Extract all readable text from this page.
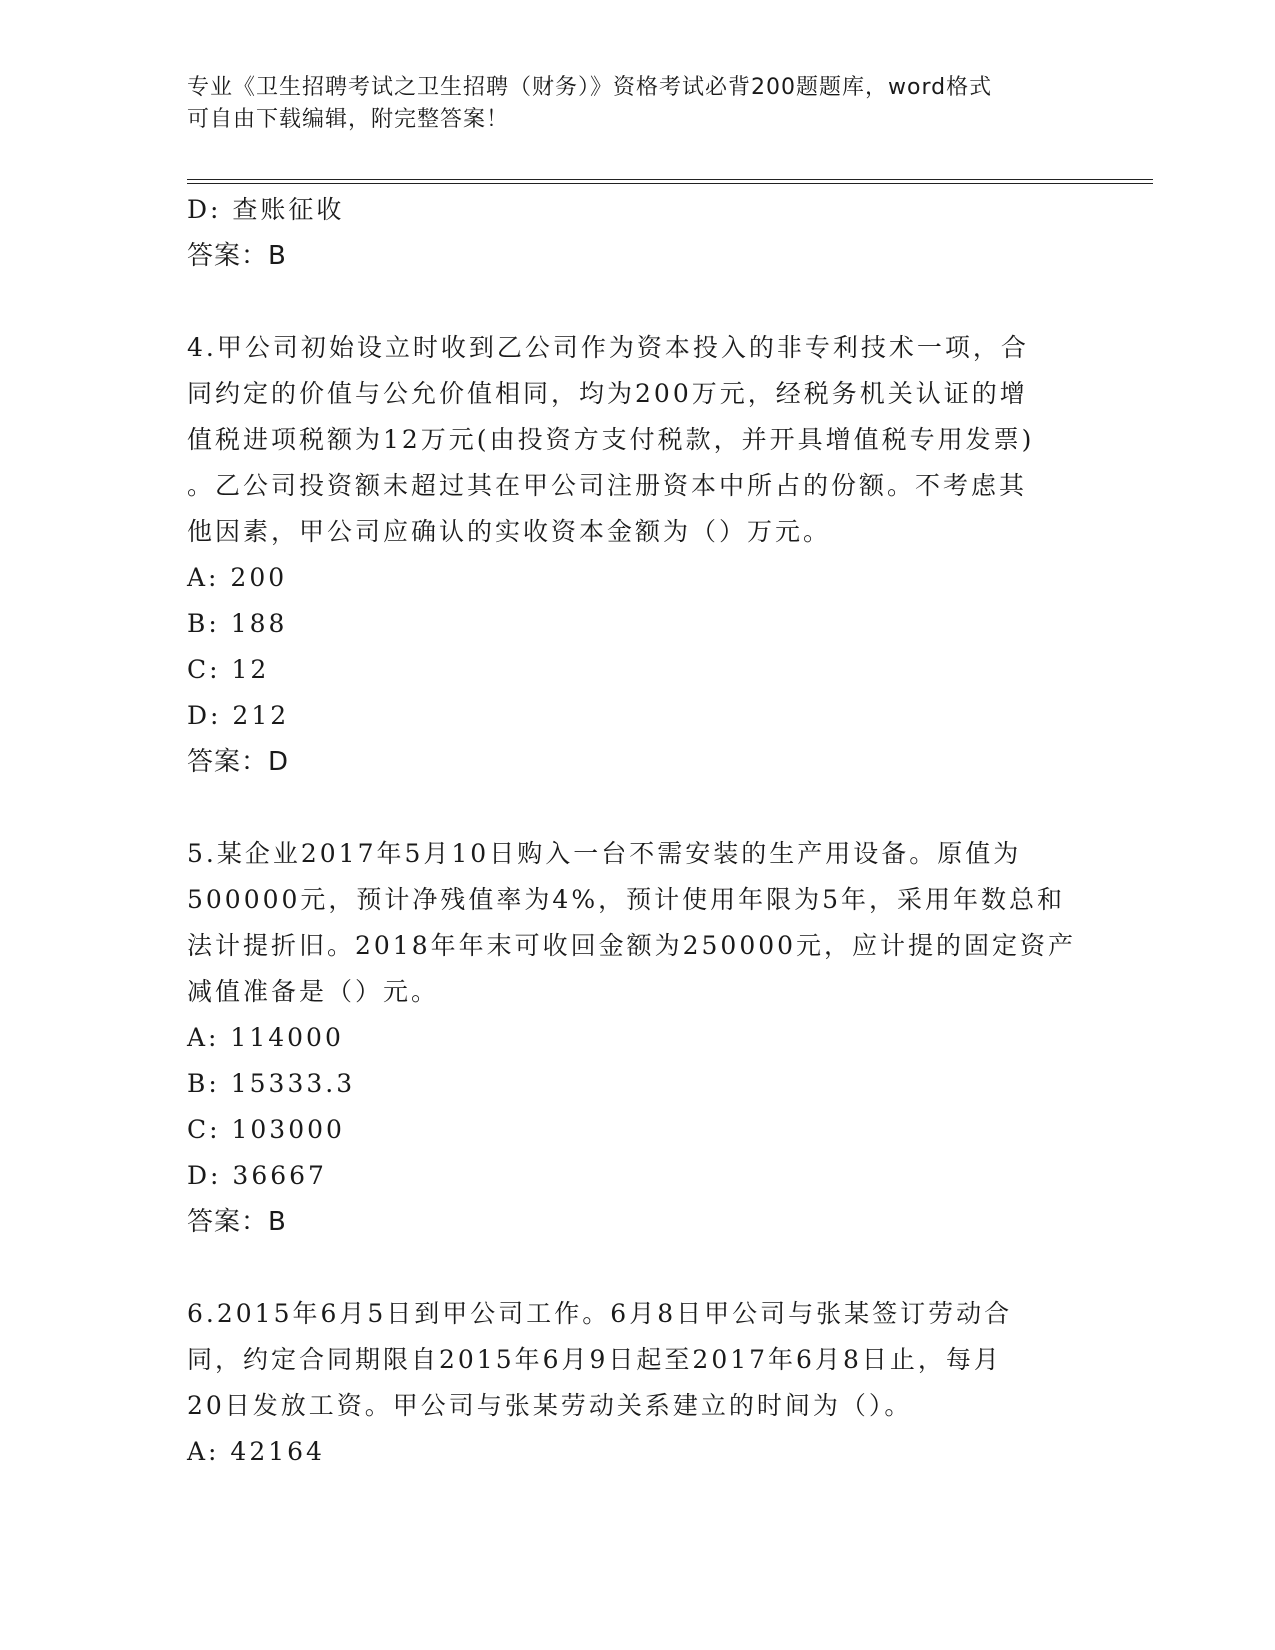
专业《卫生招聘考试之卫生招聘（财务）》资格考试必背200题题库，word格式
可自由下载编辑，附完整答案！
D: 查账征收
答案：B
4.甲公司初始设立时收到乙公司作为资本投入的非专利技术一项，合
同约定的价值与公允价值相同，均为200万元，经税务机关认证的增
值税进项税额为12万元(由投资方支付税款，并开具增值税专用发票)
。乙公司投资额未超过其在甲公司注册资本中所占的份额。不考虑其
他因素，甲公司应确认的实收资本金额为（）万元。
A: 200
B: 188
C: 12
D: 212
答案：D
5.某企业2017年5月10日购入一台不需安装的生产用设备。原值为
500000元，预计净残值率为4%，预计使用年限为5年，采用年数总和
法计提折旧。2018年年末可收回金额为250000元，应计提的固定资产
减值准备是（）元。
A: 114000
B: 15333.3
C: 103000
D: 36667
答案：B
6.2015年6月5日到甲公司工作。6月8日甲公司与张某签订劳动合
同，约定合同期限自2015年6月9日起至2017年6月8日止，每月
20日发放工资。甲公司与张某劳动关系建立的时间为（）。
A: 42164
